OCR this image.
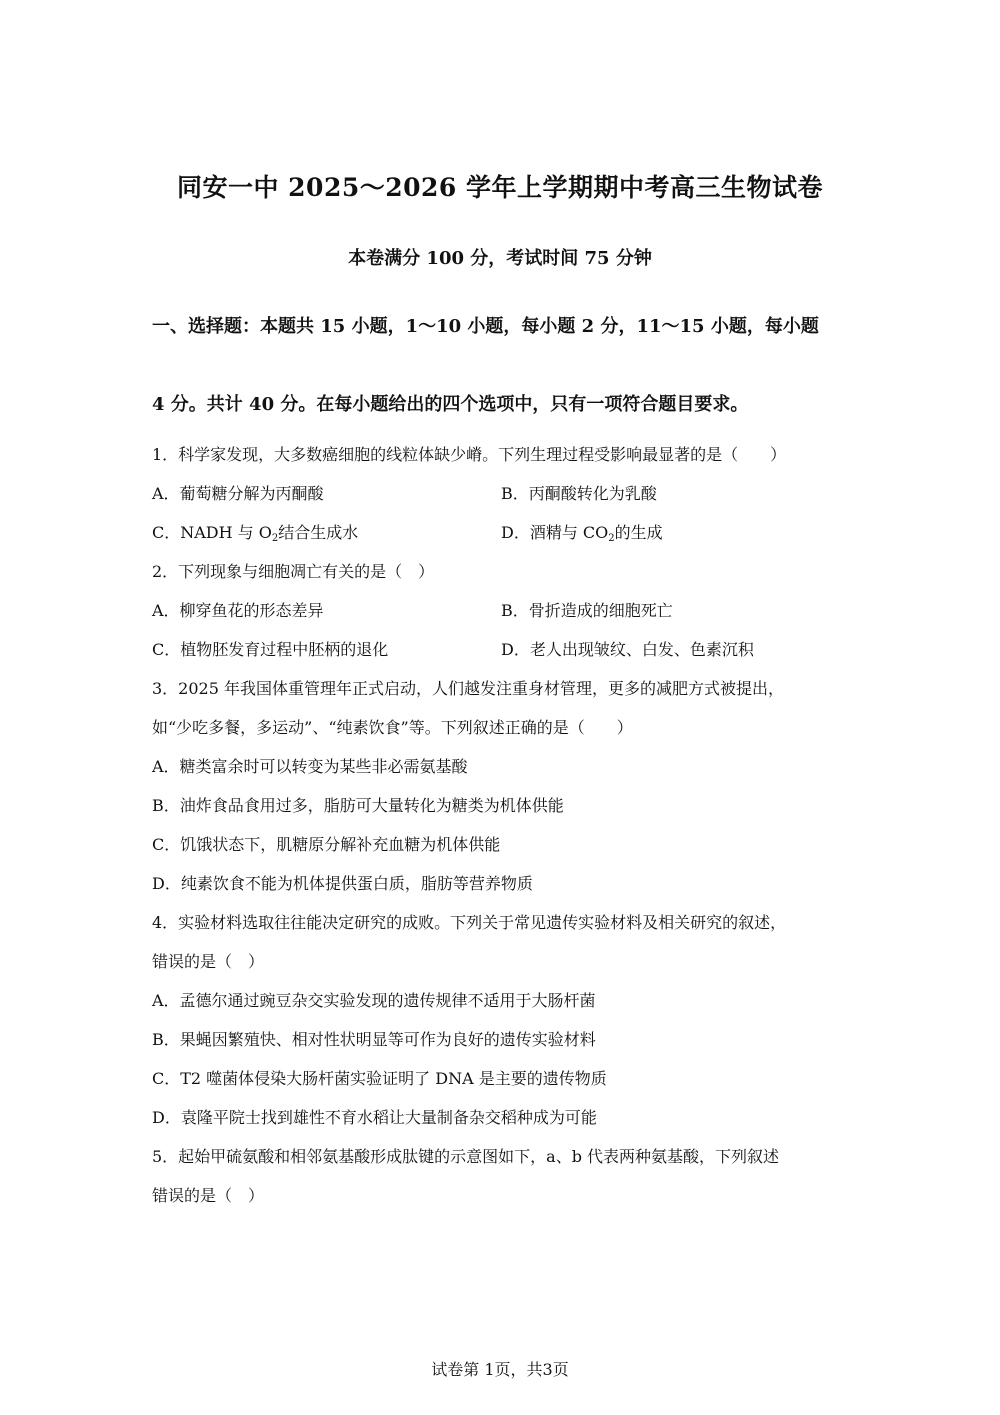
同安一中 2025～2026 学年上学期期中考高三生物试卷
本卷满分 100 分，考试时间 75 分钟
一、选择题：本题共 15 小题，1～10 小题，每小题 2 分，11～15 小题，每小题
4 分。共计 40 分。在每小题给出的四个选项中，只有一项符合题目要求。
1．科学家发现，大多数癌细胞的线粒体缺少嵴。下列生理过程受影响最显著的是（　　）
A．葡萄糖分解为丙酮酸	B．丙酮酸转化为乳酸
C．NADH 与 $O_2$结合生成水	D．酒精与 $CO_2$的生成
2．下列现象与细胞凋亡有关的是（　）
A．柳穿鱼花的形态差异	B．骨折造成的细胞死亡
C．植物胚发育过程中胚柄的退化	D．老人出现皱纹、白发、色素沉积
3．2025 年我国体重管理年正式启动，人们越发注重身材管理，更多的减肥方式被提出，
如“少吃多餐，多运动”、“纯素饮食”等。下列叙述正确的是（　　）
A．糖类富余时可以转变为某些非必需氨基酸
B．油炸食品食用过多，脂肪可大量转化为糖类为机体供能
C．饥饿状态下，肌糖原分解补充血糖为机体供能
D．纯素饮食不能为机体提供蛋白质，脂肪等营养物质
4．实验材料选取往往能决定研究的成败。下列关于常见遗传实验材料及相关研究的叙述，
错误的是（　）
A．孟德尔通过豌豆杂交实验发现的遗传规律不适用于大肠杆菌
B．果蝇因繁殖快、相对性状明显等可作为良好的遗传实验材料
C．T2 噬菌体侵染大肠杆菌实验证明了 DNA 是主要的遗传物质
D．袁隆平院士找到雄性不育水稻让大量制备杂交稻种成为可能
5．起始甲硫氨酸和相邻氨基酸形成肽键的示意图如下，a、b 代表两种氨基酸，下列叙述
错误的是（　）
试卷第 1页，共3页
